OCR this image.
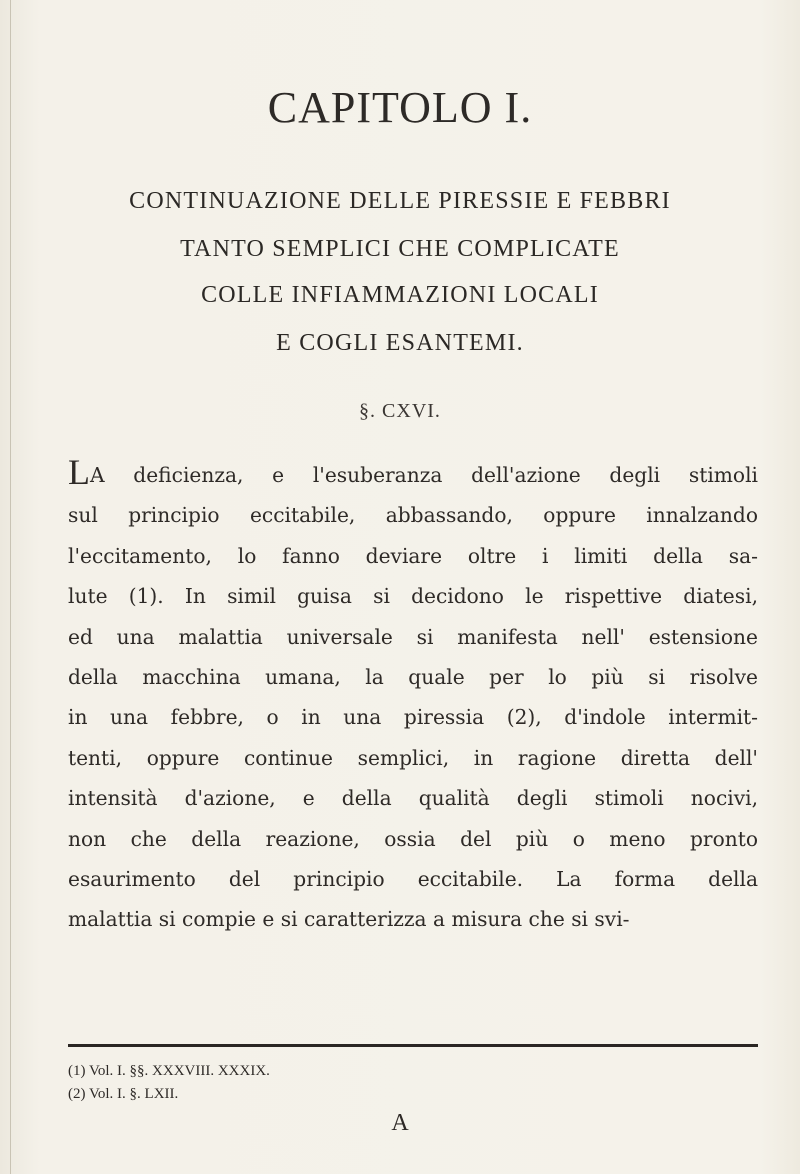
CAPITOLO I.
CONTINUAZIONE DELLE PIRESSIE E FEBBRI
TANTO SEMPLICI CHE COMPLICATE
COLLE INFIAMMAZIONI LOCALI
E COGLI ESANTEMI.
§. CXVI.
LA deficienza, e l'esuberanza dell'azione degli stimoli
sul principio eccitabile, abbassando, oppure innalzando
l'eccitamento, lo fanno deviare oltre i limiti della sa-
lute (1). In simil guisa si decidono le rispettive diatesi,
ed una malattia universale si manifesta nell' estensione
della macchina umana, la quale per lo più si risolve
in una febbre, o in una piressia (2), d'indole intermit-
tenti, oppure continue semplici, in ragione diretta dell'
intensità d'azione, e della qualità degli stimoli nocivi,
non che della reazione, ossia del più o meno pronto
esaurimento del principio eccitabile. La forma della
malattia si compie e si caratterizza a misura che si svi-
(1) Vol. I. §§. XXXVIII. XXXIX.
(2) Vol. I. §. LXII.
A
